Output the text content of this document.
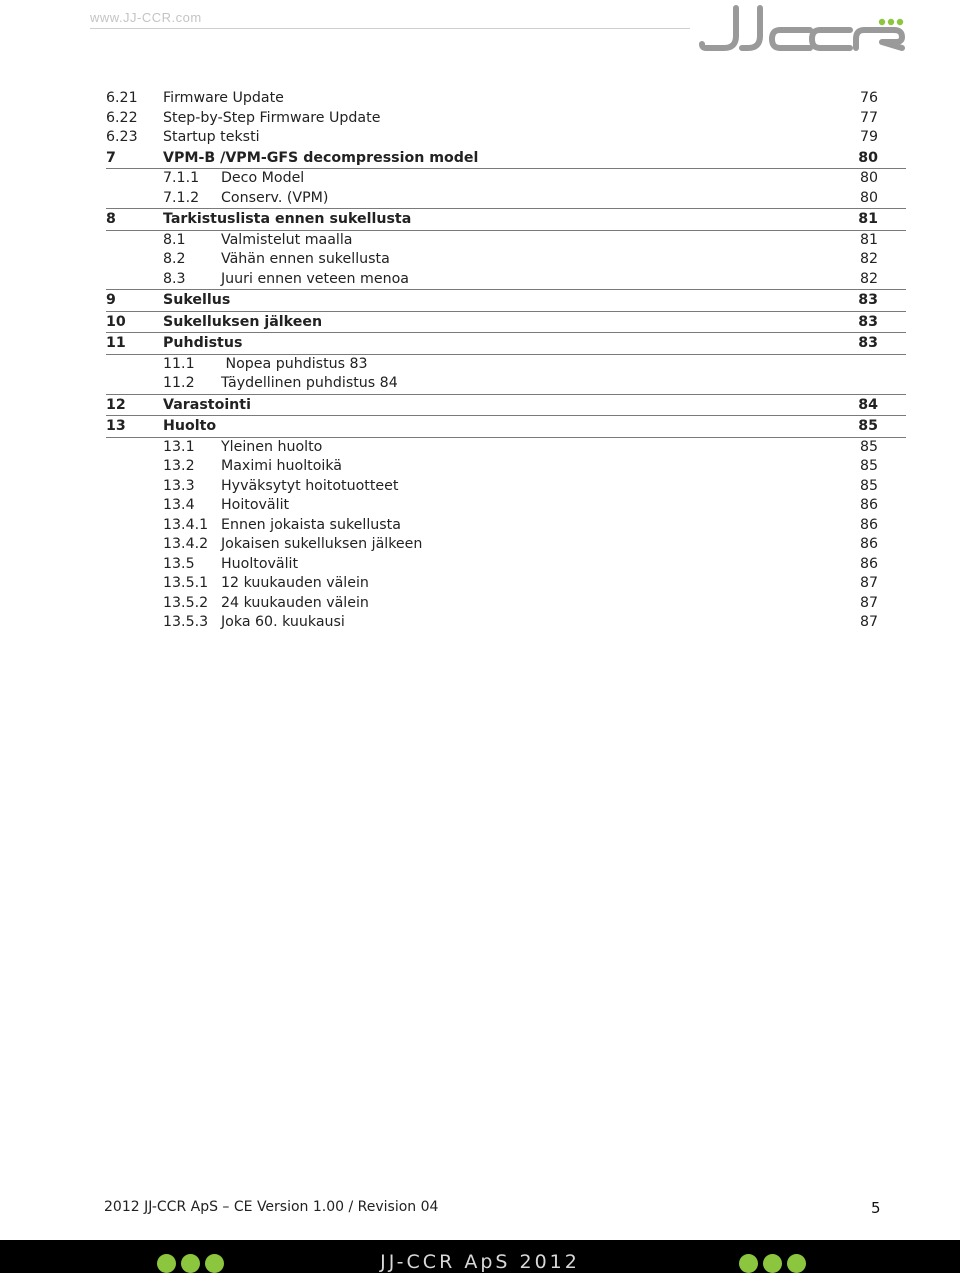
www.JJ-CCR.com
6.21 Firmware Update	76
6.22 Step-by-Step Firmware Update	77
6.23 Startup teksti	79
7	VPM-B /VPM-GFS decompression model	80
7.1.1 Deco Model	80
7.1.2 Conserv. (VPM)	80
8	Tarkistuslista ennen sukellusta	81
8.1 Valmistelut maalla	81
8.2 Vähän ennen sukellusta	82
8.3 Juuri ennen veteen menoa	82
9	Sukellus	83
10	Sukelluksen jälkeen	83
11	Puhdistus	83
11.1 Nopea puhdistus 83
11.2 Täydellinen puhdistus 84
12	Varastointi	84
13	Huolto	85
13.1 Yleinen huolto	85
13.2 Maximi huoltoikä	85
13.3 Hyväksytyt hoitotuotteet	85
13.4 Hoitovälit	86
13.4.1 Ennen jokaista sukellusta	86
13.4.2 Jokaisen sukelluksen jälkeen	86
13.5 Huoltovälit	86
13.5.1 12 kuukauden välein	87
13.5.2 24 kuukauden välein	87
13.5.3 Joka 60. kuukausi	87
2012 JJ-CCR ApS – CE Version 1.00 / Revision 04	5
JJ-CCR ApS 2012
